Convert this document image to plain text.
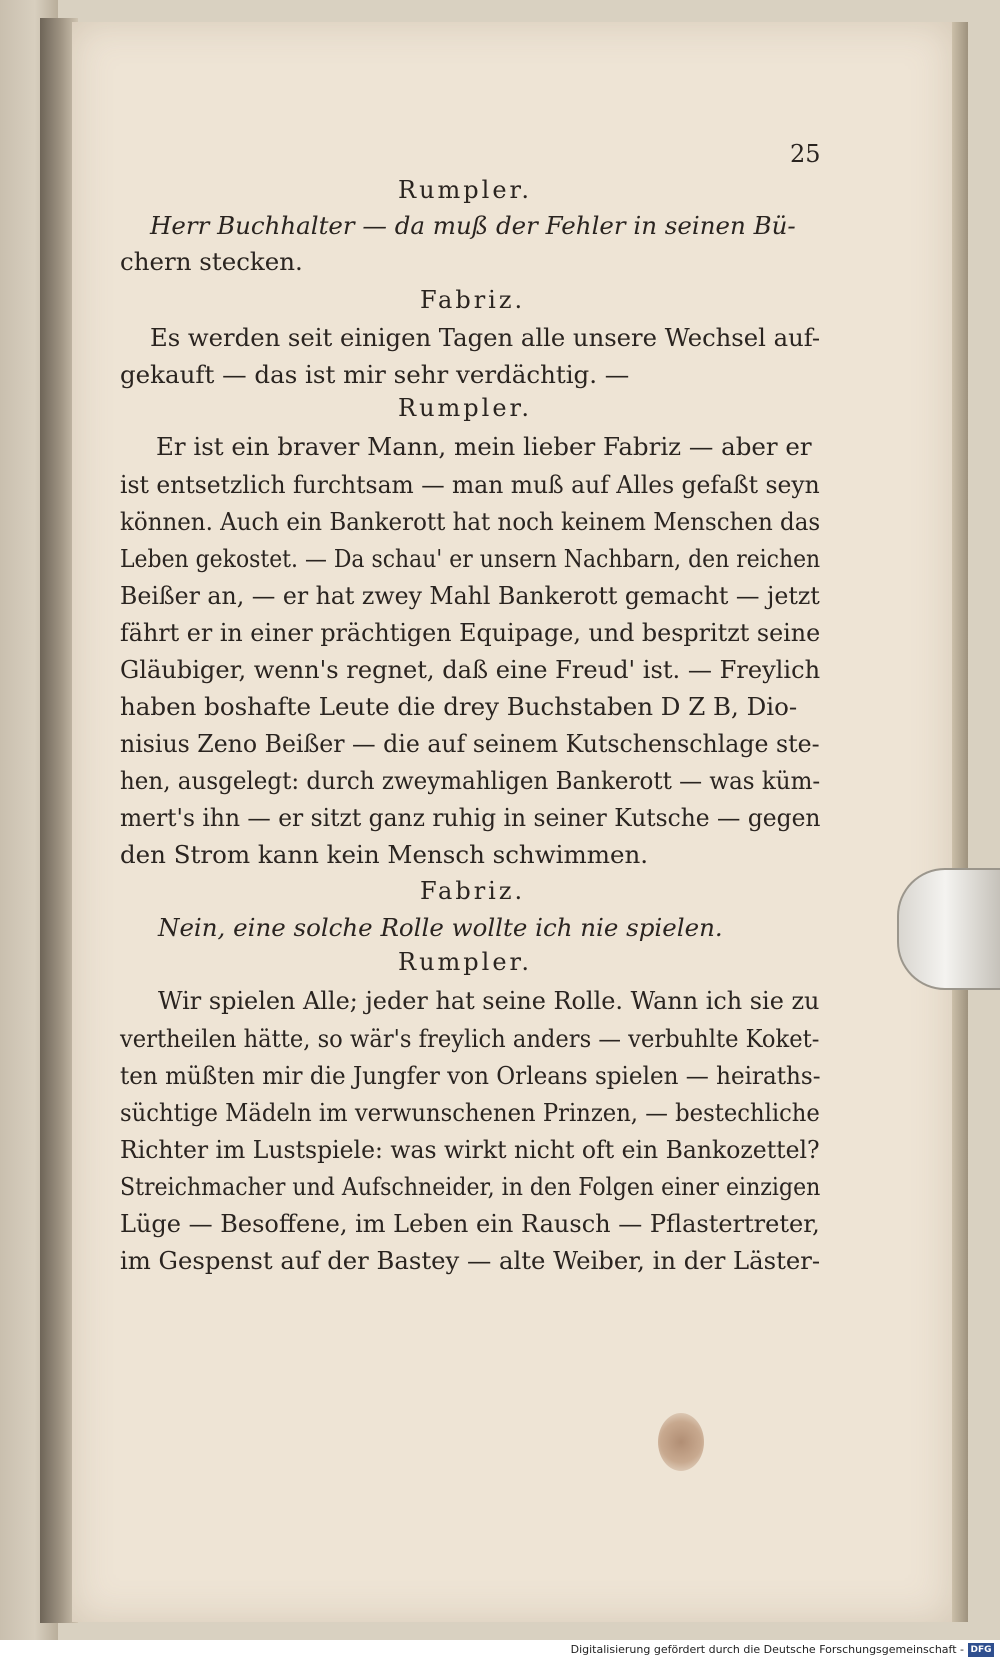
25
Rumpler.
Herr Buchhalter — da muß der Fehler in seinen Bü-
chern stecken.
Fabriz.
Es werden seit einigen Tagen alle unsere Wechsel auf-
gekauft — das ist mir sehr verdächtig. —
Rumpler.
Er ist ein braver Mann, mein lieber Fabriz — aber er
ist entsetzlich furchtsam — man muß auf Alles gefaßt seyn
können. Auch ein Bankerott hat noch keinem Menschen das
Leben gekostet. — Da schau' er unsern Nachbarn, den reichen
Beißer an, — er hat zwey Mahl Bankerott gemacht — jetzt
fährt er in einer prächtigen Equipage, und bespritzt seine
Gläubiger, wenn's regnet, daß eine Freud' ist. — Freylich
haben boshafte Leute die drey Buchstaben D Z B, Dio-
nisius Zeno Beißer — die auf seinem Kutschenschlage ste-
hen, ausgelegt: durch zweymahligen Bankerott — was küm-
mert's ihn — er sitzt ganz ruhig in seiner Kutsche — gegen
den Strom kann kein Mensch schwimmen.
Fabriz.
Nein, eine solche Rolle wollte ich nie spielen.
Rumpler.
Wir spielen Alle; jeder hat seine Rolle. Wann ich sie zu
vertheilen hätte, so wär's freylich anders — verbuhlte Koket-
ten müßten mir die Jungfer von Orleans spielen — heiraths-
süchtige Mädeln im verwunschenen Prinzen, — bestechliche
Richter im Lustspiele: was wirkt nicht oft ein Bankozettel?
Streichmacher und Aufschneider, in den Folgen einer einzigen
Lüge — Besoffene, im Leben ein Rausch — Pflastertreter,
im Gespenst auf der Bastey — alte Weiber, in der Läster-
Digitalisierung gefördert durch die Deutsche Forschungsgemeinschaft - DFG
